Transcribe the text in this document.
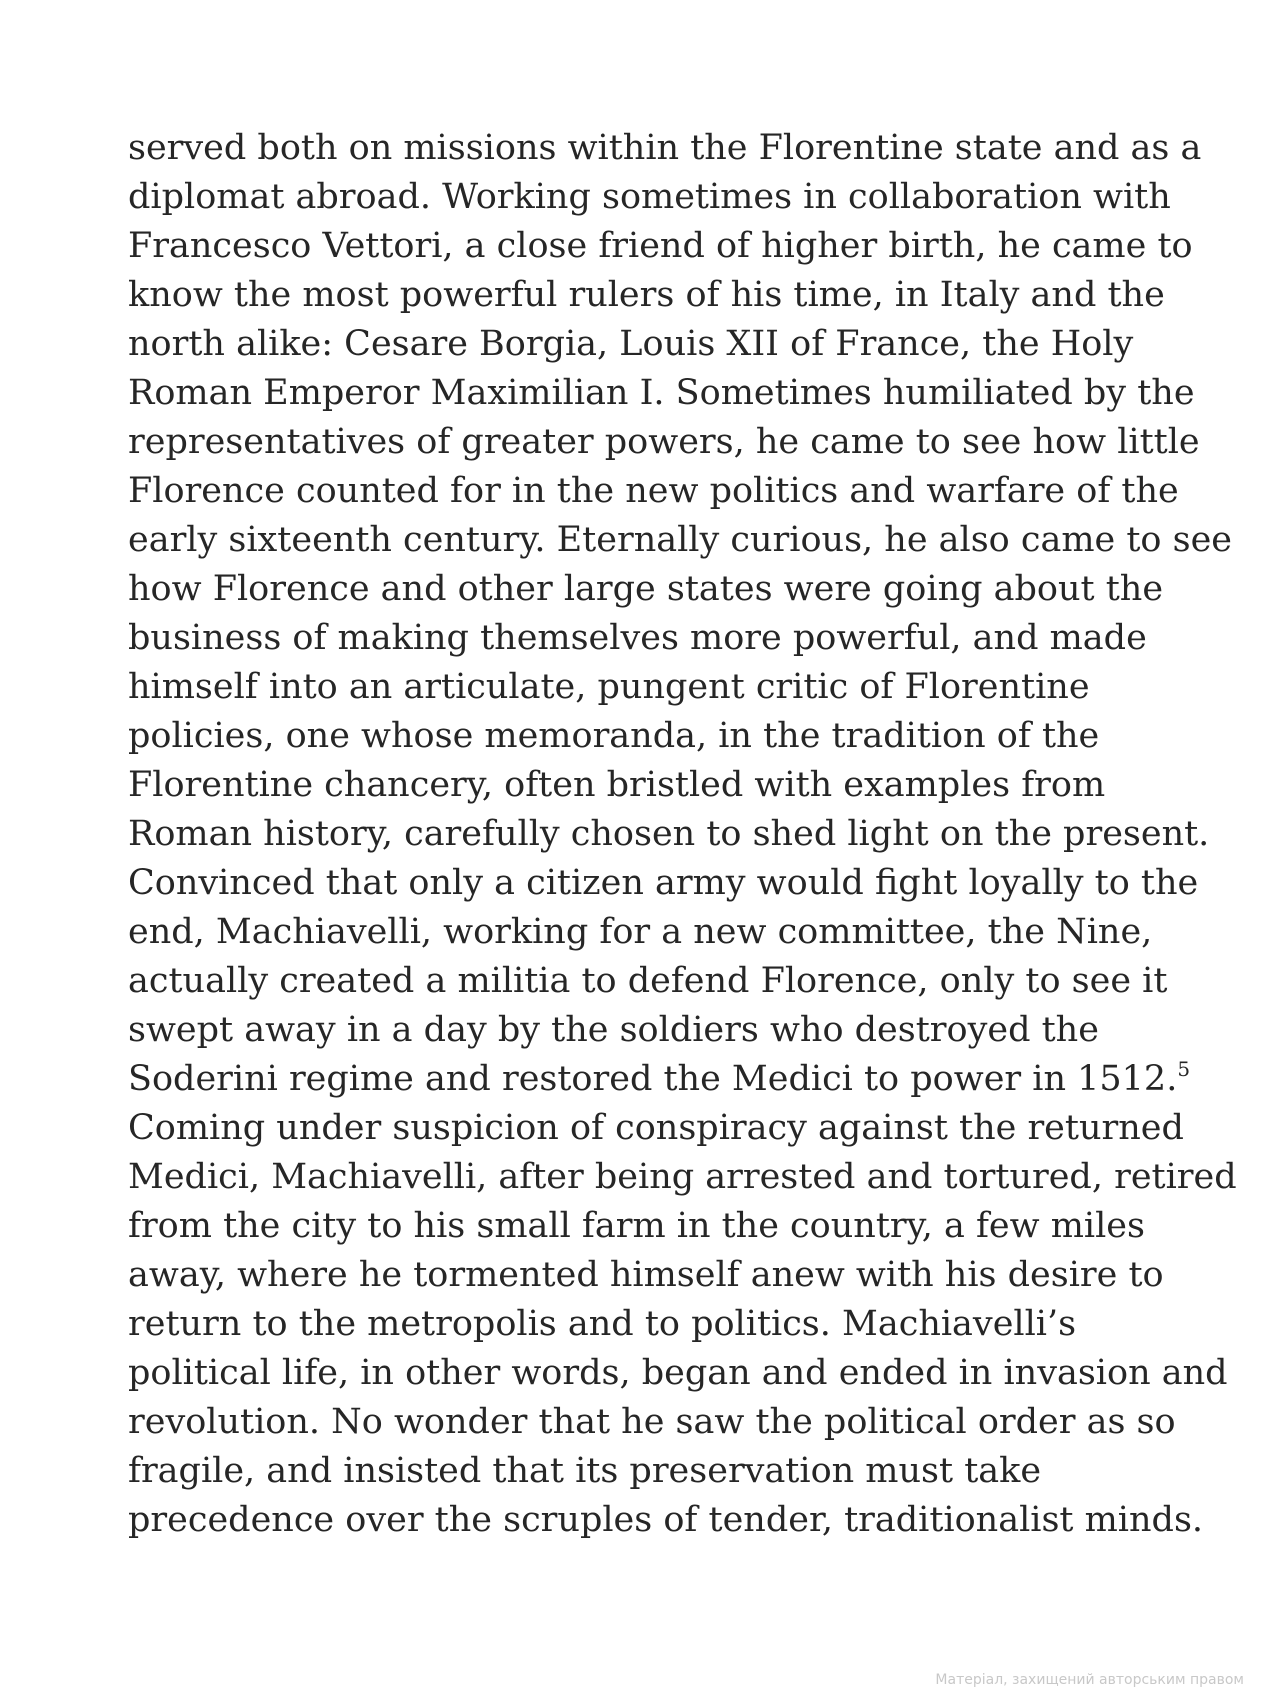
served both on missions within the Florentine state and as a
diplomat abroad. Working sometimes in collaboration with
Francesco Vettori, a close friend of higher birth, he came to
know the most powerful rulers of his time, in Italy and the
north alike: Cesare Borgia, Louis XII of France, the Holy
Roman Emperor Maximilian I. Sometimes humiliated by the
representatives of greater powers, he came to see how little
Florence counted for in the new politics and warfare of the
early sixteenth century. Eternally curious, he also came to see
how Florence and other large states were going about the
business of making themselves more powerful, and made
himself into an articulate, pungent critic of Florentine
policies, one whose memoranda, in the tradition of the
Florentine chancery, often bristled with examples from
Roman history, carefully chosen to shed light on the present.
Convinced that only a citizen army would fight loyally to the
end, Machiavelli, working for a new committee, the Nine,
actually created a militia to defend Florence, only to see it
swept away in a day by the soldiers who destroyed the
Soderini regime and restored the Medici to power in 1512.$^5$
Coming under suspicion of conspiracy against the returned
Medici, Machiavelli, after being arrested and tortured, retired
from the city to his small farm in the country, a few miles
away, where he tormented himself anew with his desire to
return to the metropolis and to politics. Machiavelli’s
political life, in other words, began and ended in invasion and
revolution. No wonder that he saw the political order as so
fragile, and insisted that its preservation must take
precedence over the scruples of tender, traditionalist minds.
Матеріал, захищений авторським правом
